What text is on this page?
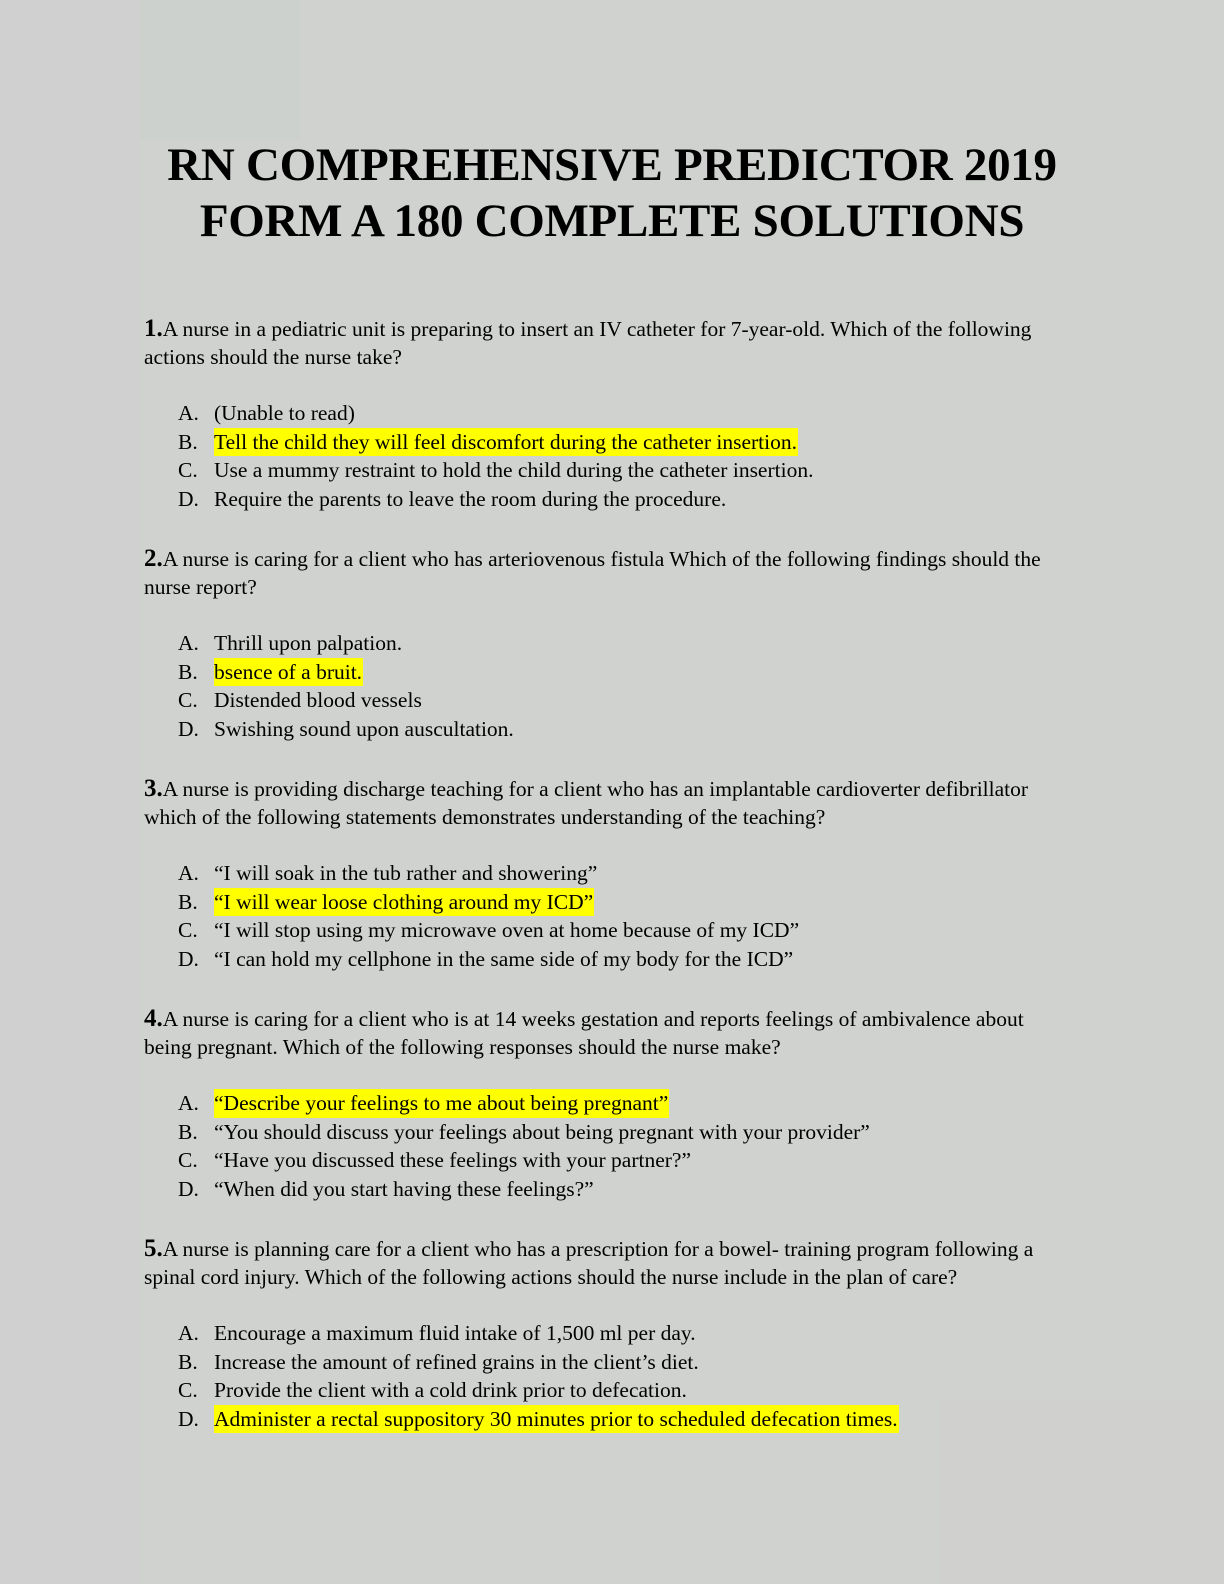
RN COMPREHENSIVE PREDICTOR 2019
FORM A 180 COMPLETE SOLUTIONS
1.A nurse in a pediatric unit is preparing to insert an IV catheter for 7-year-old. Which of the following actions should the nurse take?
A. (Unable to read)
B. Tell the child they will feel discomfort during the catheter insertion.
C. Use a mummy restraint to hold the child during the catheter insertion.
D. Require the parents to leave the room during the procedure.
2.A nurse is caring for a client who has arteriovenous fistula Which of the following findings should the nurse report?
A. Thrill upon palpation.
B. bsence of a bruit.
C. Distended blood vessels
D. Swishing sound upon auscultation.
3.A nurse is providing discharge teaching for a client who has an implantable cardioverter defibrillator which of the following statements demonstrates understanding of the teaching?
A. “I will soak in the tub rather and showering”
B. “I will wear loose clothing around my ICD”
C. “I will stop using my microwave oven at home because of my ICD”
D. “I can hold my cellphone in the same side of my body for the ICD”
4.A nurse is caring for a client who is at 14 weeks gestation and reports feelings of ambivalence about being pregnant. Which of the following responses should the nurse make?
A. “Describe your feelings to me about being pregnant”
B. “You should discuss your feelings about being pregnant with your provider”
C. “Have you discussed these feelings with your partner?”
D. “When did you start having these feelings?”
5.A nurse is planning care for a client who has a prescription for a bowel- training program following a spinal cord injury. Which of the following actions should the nurse include in the plan of care?
A. Encourage a maximum fluid intake of 1,500 ml per day.
B. Increase the amount of refined grains in the client’s diet.
C. Provide the client with a cold drink prior to defecation.
D. Administer a rectal suppository 30 minutes prior to scheduled defecation times.
